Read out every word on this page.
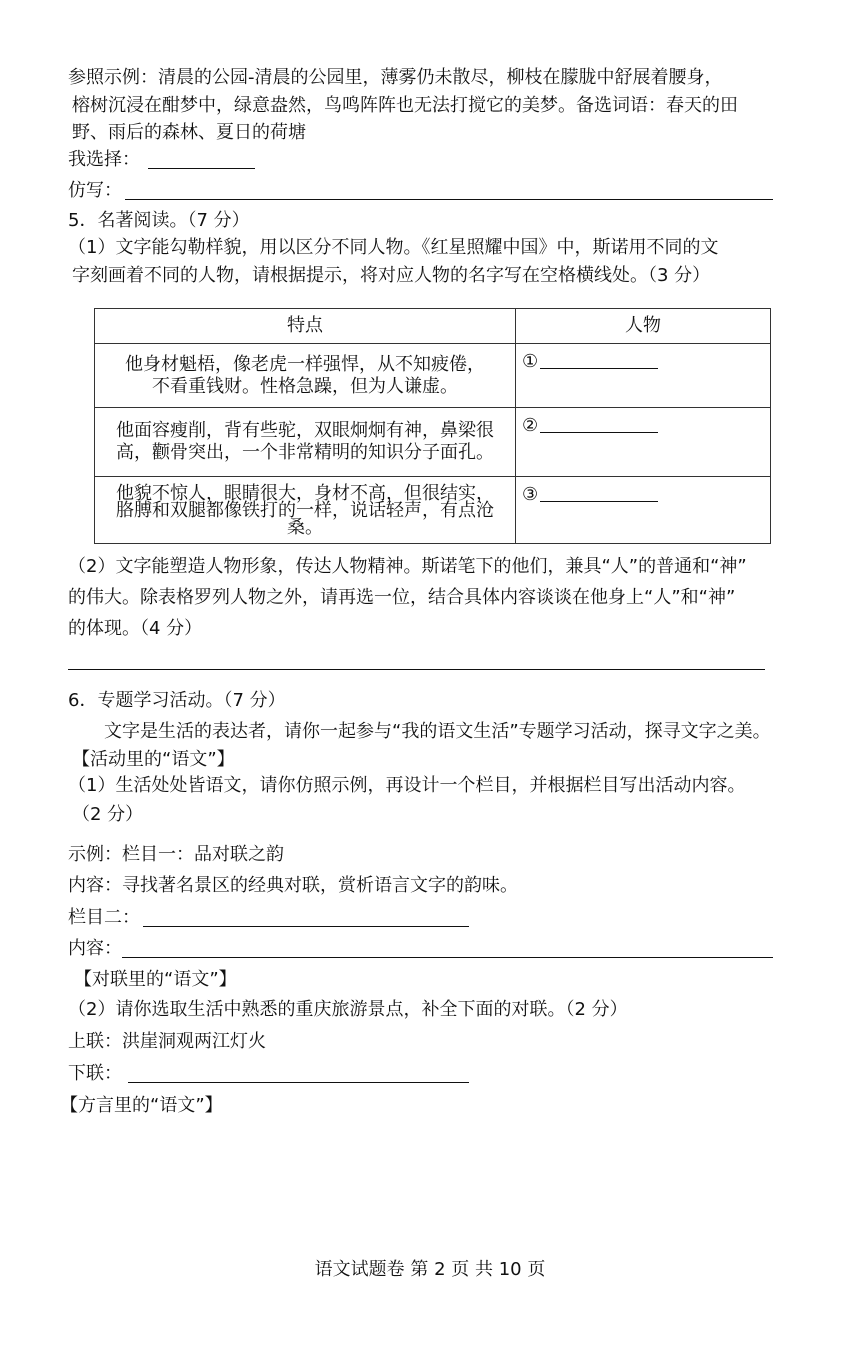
参照示例：清晨的公园-清晨的公园里，薄雾仍未散尽，柳枝在朦胧中舒展着腰身，
榕树沉浸在酣梦中，绿意盎然，鸟鸣阵阵也无法打搅它的美梦。备选词语：春天的田
野、雨后的森林、夏日的荷塘
我选择：
仿写：
5．名著阅读。（7 分）
（1）文字能勾勒样貌，用以区分不同人物。《红星照耀中国》中，斯诺用不同的文
字刻画着不同的人物，请根据提示，将对应人物的名字写在空格横线处。（3 分）
特点	人物

他身材魁梧，像老虎一样强悍，从不知疲倦，
不看重钱财。性格急躁，但为人谦虚。	①

他面容瘦削，背有些驼，双眼炯炯有神，鼻梁很
高，颧骨突出，一个非常精明的知识分子面孔。	②

他貌不惊人，眼睛很大，身材不高，但很结实，
胳膊和双腿都像铁打的一样，说话轻声，有点沧
桑。	③
（2）文字能塑造人物形象，传达人物精神。斯诺笔下的他们，兼具“人”的普通和“神”
的伟大。除表格罗列人物之外，请再选一位，结合具体内容谈谈在他身上“人”和“神”
的体现。（4 分）
6．专题学习活动。（7 分）
文字是生活的表达者，请你一起参与“我的语文生活”专题学习活动，探寻文字之美。
【活动里的“语文”】
（1）生活处处皆语文，请你仿照示例，再设计一个栏目，并根据栏目写出活动内容。
（2 分）
示例：栏目一：品对联之韵
内容：寻找著名景区的经典对联，赏析语言文字的韵味。
栏目二：
内容：
【对联里的“语文”】
（2）请你选取生活中熟悉的重庆旅游景点，补全下面的对联。（2 分）
上联：洪崖洞观两江灯火
下联：
【方言里的“语文”】
语文试题卷 第 2 页 共 10 页
